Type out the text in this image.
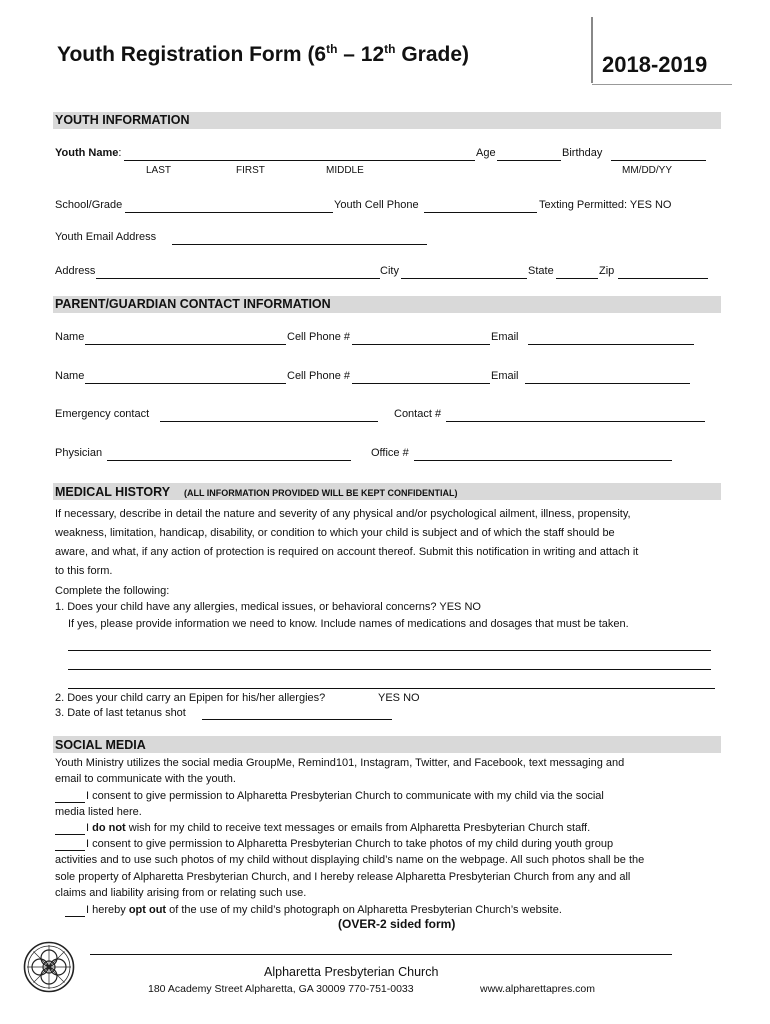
Youth Registration Form (6th – 12th Grade)	2018-2019
YOUTH INFORMATION
Youth Name:	Age	Birthday
LAST	FIRST	MIDDLE	MM/DD/YY
School/Grade	Youth Cell Phone	Texting Permitted: YES NO
Youth Email Address
Address	City	State	Zip
PARENT/GUARDIAN CONTACT INFORMATION
Name	Cell Phone #	Email
Name	Cell Phone #	Email
Emergency contact	Contact #
Physician	Office #
MEDICAL HISTORY (ALL INFORMATION PROVIDED WILL BE KEPT CONFIDENTIAL)
If necessary, describe in detail the nature and severity of any physical and/or psychological ailment, illness, propensity,
weakness, limitation, handicap, disability, or condition to which your child is subject and of which the staff should be
aware, and what, if any action of protection is required on account thereof. Submit this notification in writing and attach it
to this form.
Complete the following:
1. Does your child have any allergies, medical issues, or behavioral concerns? YES NO
If yes, please provide information we need to know. Include names of medications and dosages that must be taken.
2. Does your child carry an Epipen for his/her allergies?	YES NO
3. Date of last tetanus shot
SOCIAL MEDIA
Youth Ministry utilizes the social media GroupMe, Remind101, Instagram, Twitter, and Facebook, text messaging and
email to communicate with the youth.
I consent to give permission to Alpharetta Presbyterian Church to communicate with my child via the social
media listed here.
I do not wish for my child to receive text messages or emails from Alpharetta Presbyterian Church staff.
I consent to give permission to Alpharetta Presbyterian Church to take photos of my child during youth group
activities and to use such photos of my child without displaying child’s name on the webpage. All such photos shall be the
sole property of Alpharetta Presbyterian Church, and I hereby release Alpharetta Presbyterian Church from any and all
claims and liability arising from or relating such use.
I hereby opt out of the use of my child’s photograph on Alpharetta Presbyterian Church’s website.
(OVER-2 sided form)
Alpharetta Presbyterian Church
180 Academy Street Alpharetta, GA 30009 770-751-0033	www.alpharettapres.com
